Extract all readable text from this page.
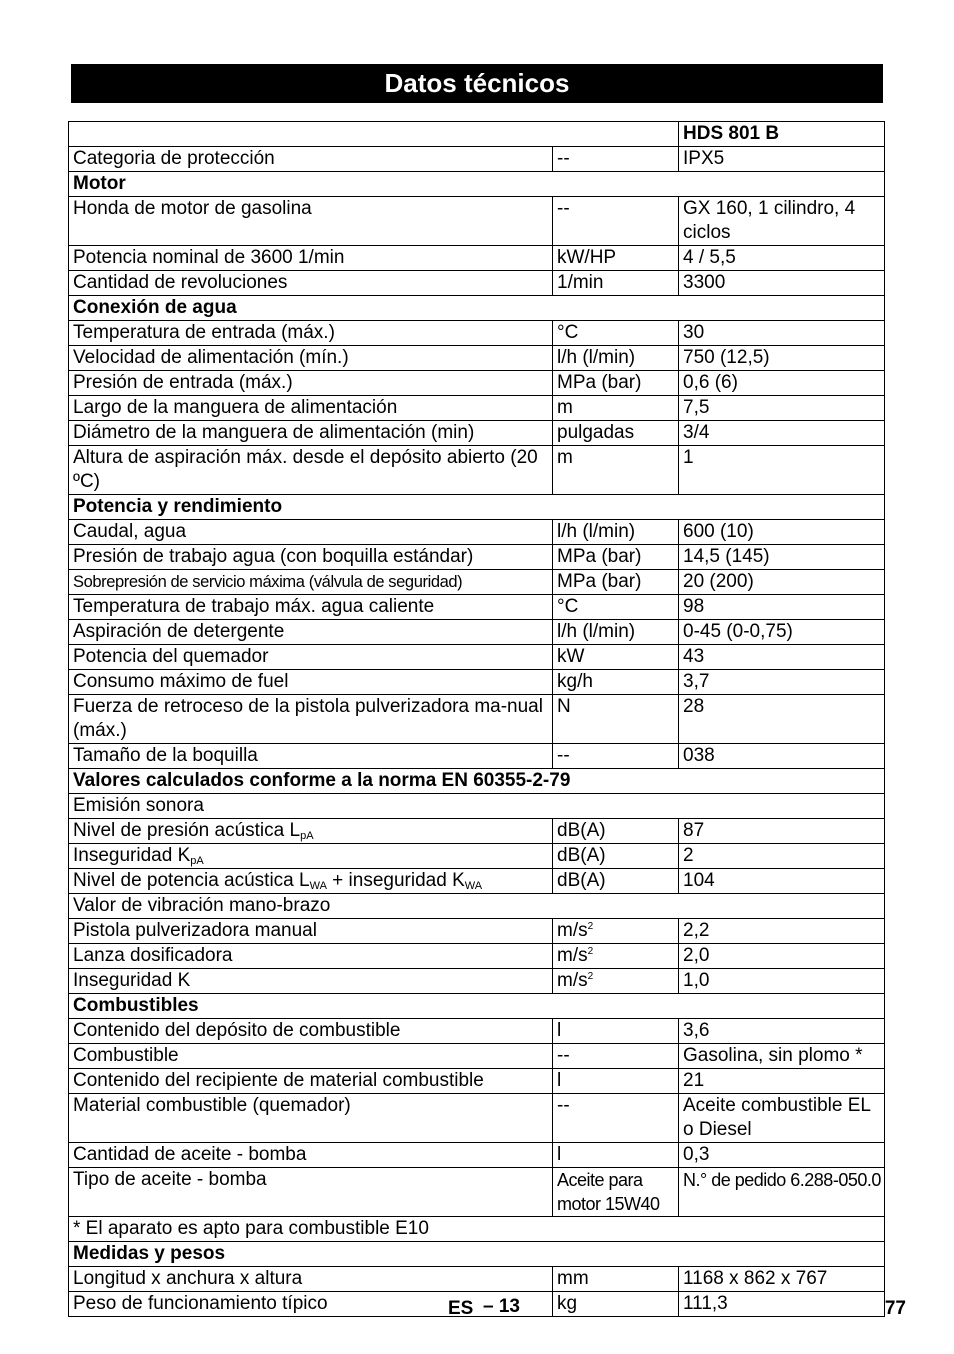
Datos técnicos
		HDS 801 B
Categoria de protección	--	IPX5
Motor		
Honda de motor de gasolina	--	GX 160, 1 cilindro, 4 ciclos
Potencia nominal de 3600 1/min	kW/HP	4 / 5,5
Cantidad de revoluciones	1/min	3300
Conexión de agua		
Temperatura de entrada (máx.)	°C	30
Velocidad de alimentación (mín.)	l/h (l/min)	750 (12,5)
Presión de entrada (máx.)	MPa (bar)	0,6 (6)
Largo de la manguera de alimentación	m	7,5
Diámetro de la manguera de alimentación (min)	pulgadas	3/4
Altura de aspiración máx. desde el depósito abierto (20 ºC)	m	1
Potencia y rendimiento		
Caudal, agua	l/h (l/min)	600 (10)
Presión de trabajo agua (con boquilla estándar)	MPa (bar)	14,5 (145)
Sobrepresión de servicio máxima (válvula de seguridad)	MPa (bar)	20 (200)
Temperatura de trabajo máx. agua caliente	°C	98
Aspiración de detergente	l/h (l/min)	0-45 (0-0,75)
Potencia del quemador	kW	43
Consumo máximo de fuel	kg/h	3,7
Fuerza de retroceso de la pistola pulverizadora ma-nual (máx.)	N	28
Tamaño de la boquilla	--	038
Valores calculados conforme a la norma EN 60355-2-79		
Emisión sonora		
Nivel de presión acústica $L_{pA}$	dB(A)	87
Inseguridad $K_{pA}$	dB(A)	2
Nivel de potencia acústica $L_{WA}$ + inseguridad $K_{WA}$	dB(A)	104
Valor de vibración mano-brazo		
Pistola pulverizadora manual	$m/s^2$	2,2
Lanza dosificadora	$m/s^2$	2,0
Inseguridad K	$m/s^2$	1,0
Combustibles		
Contenido del depósito de combustible	l	3,6
Combustible	--	Gasolina, sin plomo *
Contenido del recipiente de material combustible	l	21
Material combustible (quemador)	--	Aceite combustible EL o Diesel
Cantidad de aceite - bomba	l	0,3
Tipo de aceite - bomba	Aceite para motor 15W40	N.° de pedido 6.288-050.0
* El aparato es apto para combustible E10		
Medidas y pesos		
Longitud x anchura x altura	mm	1168 x 862 x 767
Peso de funcionamiento típico	kg	111,3
ES – 13	77
